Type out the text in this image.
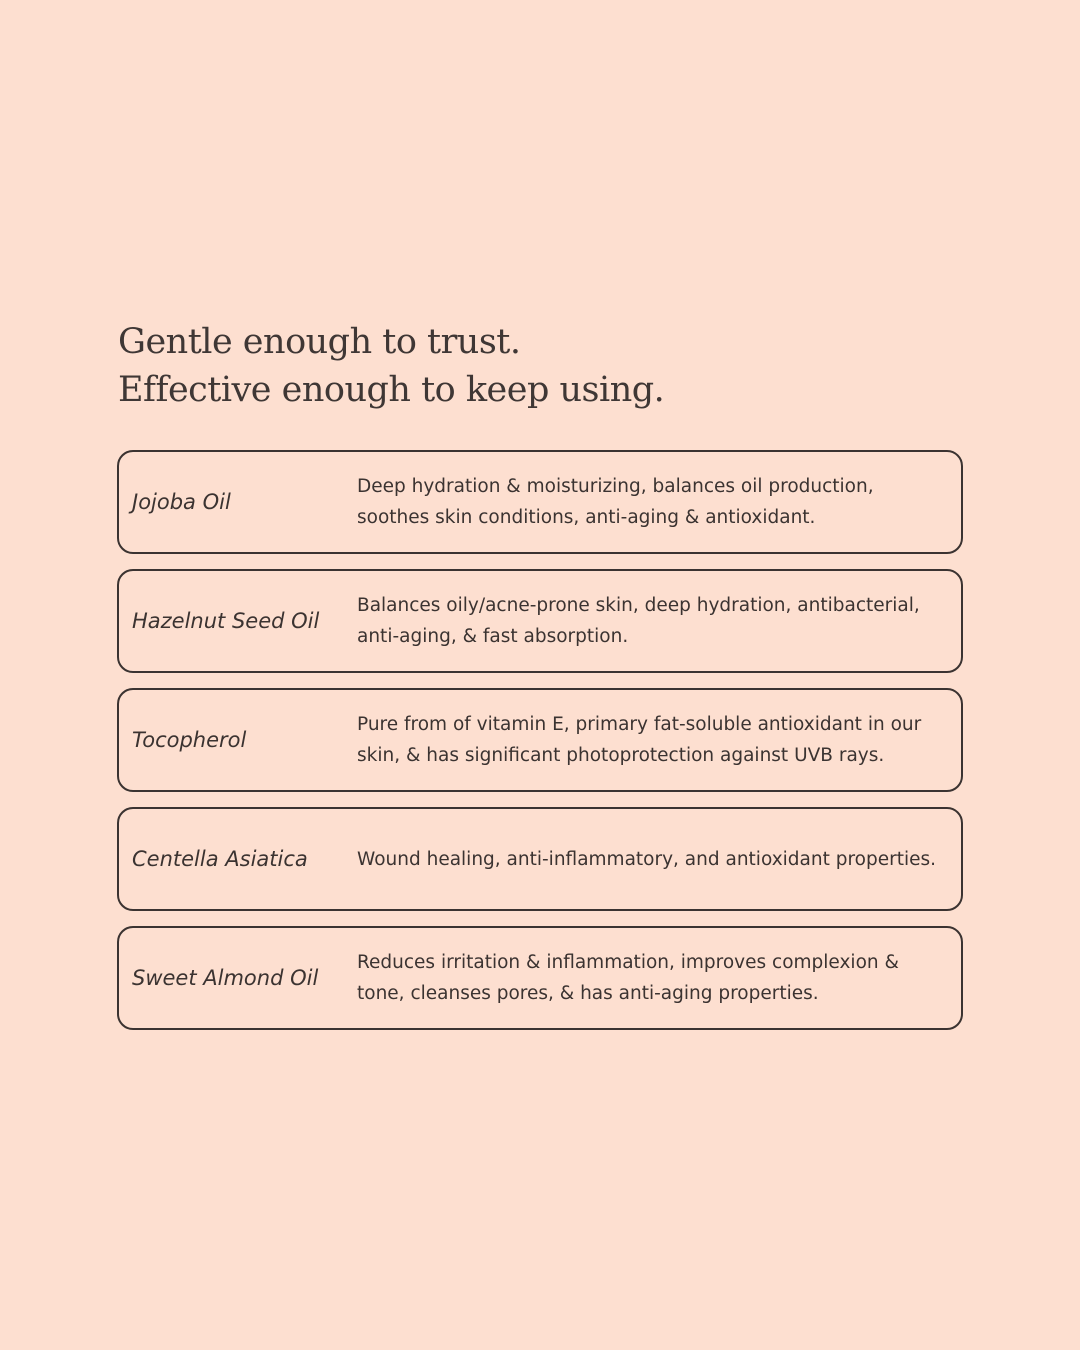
Gentle enough to trust.
Effective enough to keep using.
Jojoba Oil
Deep hydration & moisturizing, balances oil production, soothes skin conditions, anti-aging & antioxidant.
Hazelnut Seed Oil
Balances oily/acne-prone skin, deep hydration, antibacterial, anti-aging, & fast absorption.
Tocopherol
Pure from of vitamin E, primary fat-soluble antioxidant in our skin, & has significant photoprotection against UVB rays.
Centella Asiatica	Wound healing, anti-inflammatory, and antioxidant properties.
Sweet Almond Oil
Reduces irritation & inflammation, improves complexion & tone, cleanses pores, & has anti-aging properties.
